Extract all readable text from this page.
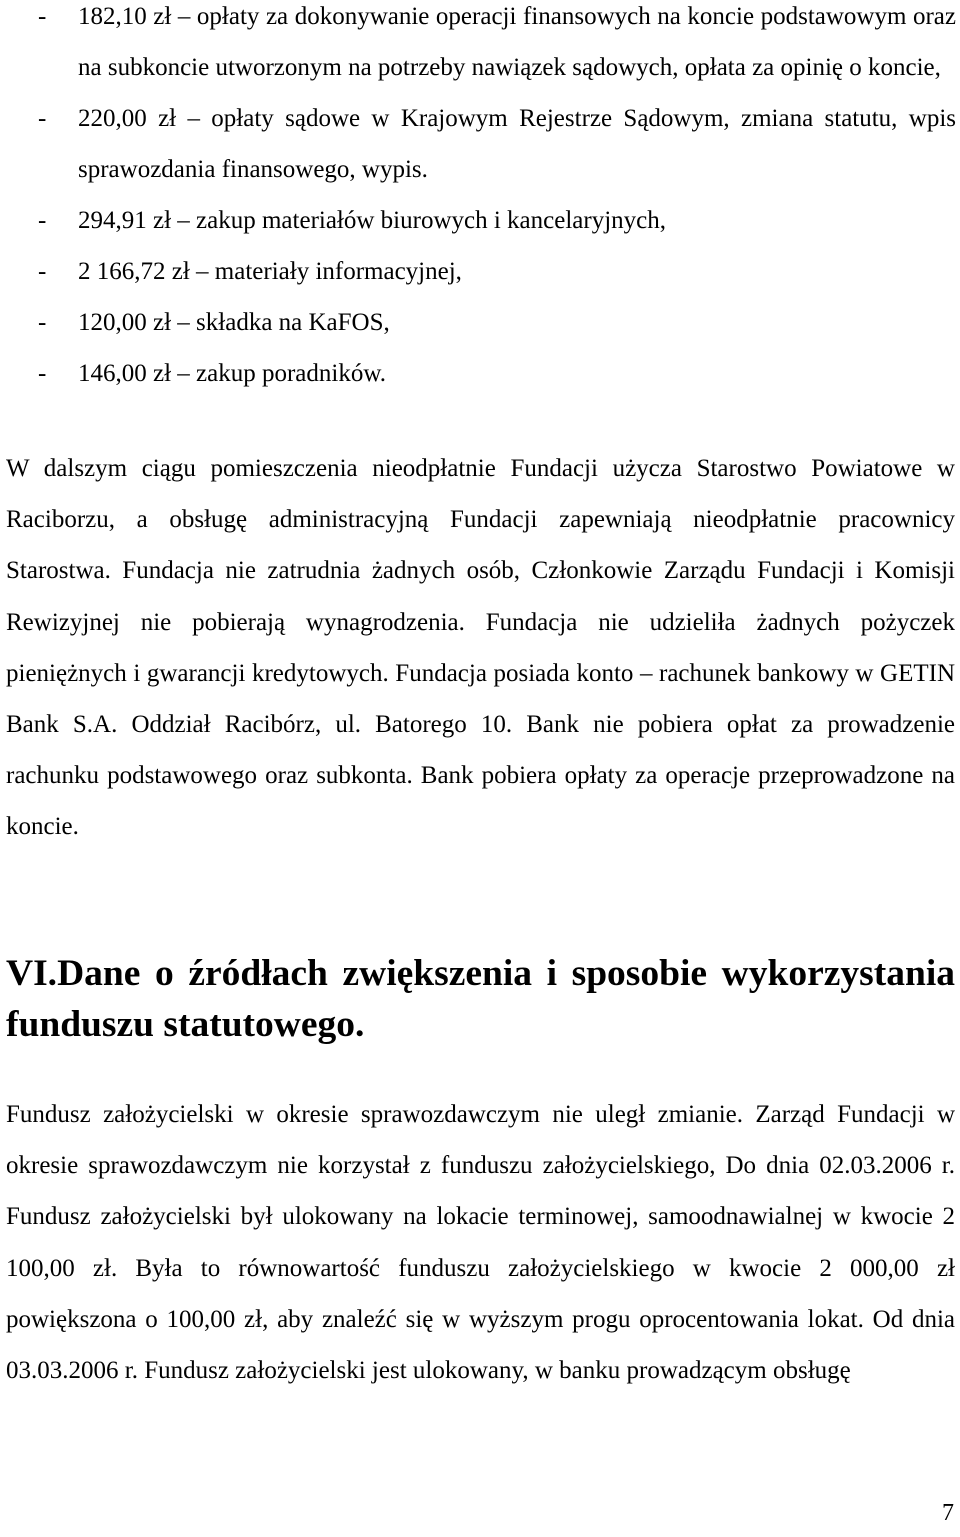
- 182,10 zł – opłaty za dokonywanie operacji finansowych na koncie podstawowym oraz na subkoncie utworzonym na potrzeby nawiązek sądowych, opłata za opinię o koncie,
- 220,00 zł – opłaty sądowe w Krajowym Rejestrze Sądowym, zmiana statutu, wpis sprawozdania finansowego, wypis.
- 294,91 zł – zakup materiałów biurowych i kancelaryjnych,
- 2 166,72 zł – materiały informacyjnej,
- 120,00 zł – składka na KaFOS,
- 146,00 zł – zakup poradników.

W dalszym ciągu pomieszczenia nieodpłatnie Fundacji użycza Starostwo Powiatowe w Raciborzu, a obsługę administracyjną Fundacji zapewniają nieodpłatnie pracownicy Starostwa. Fundacja nie zatrudnia żadnych osób, Członkowie Zarządu Fundacji i Komisji Rewizyjnej nie pobierają wynagrodzenia. Fundacja nie udzieliła żadnych pożyczek pieniężnych i gwarancji kredytowych. Fundacja posiada konto – rachunek bankowy w GETIN Bank S.A. Oddział Racibórz, ul. Batorego 10. Bank nie pobiera opłat za prowadzenie rachunku podstawowego oraz subkonta. Bank pobiera opłaty za operacje przeprowadzone na koncie.

VI.Dane o źródłach zwiększenia i sposobie wykorzystania funduszu statutowego.

Fundusz założycielski w okresie sprawozdawczym nie uległ zmianie. Zarząd Fundacji w okresie sprawozdawczym nie korzystał z funduszu założycielskiego, Do dnia 02.03.2006 r. Fundusz założycielski był ulokowany na lokacie terminowej, samoodnawialnej w kwocie 2 100,00 zł. Była to równowartość funduszu założycielskiego w kwocie 2 000,00 zł powiększona o 100,00 zł, aby znaleźć się w wyższym progu oprocentowania lokat. Od dnia 03.03.2006 r. Fundusz założycielski jest ulokowany, w banku prowadzącym obsługę

7
